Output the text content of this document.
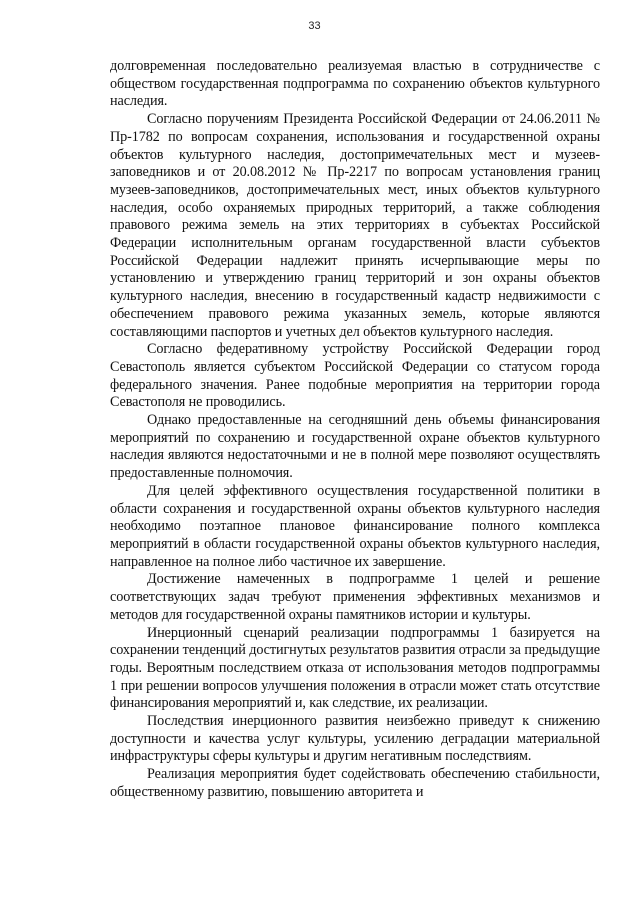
33

долговременная последовательно реализуемая властью в сотрудничестве с обществом государственная подпрограмма по сохранению объектов культурного наследия.

Согласно поручениям Президента Российской Федерации от 24.06.2011 № Пр-1782 по вопросам сохранения, использования и государственной охраны объектов культурного наследия, достопримечательных мест и музеев-заповедников и от 20.08.2012 № Пр-2217 по вопросам установления границ музеев-заповедников, достопримечательных мест, иных объектов культурного наследия, особо охраняемых природных территорий, а также соблюдения правового режима земель на этих территориях в субъектах Российской Федерации исполнительным органам государственной власти субъектов Российской Федерации надлежит принять исчерпывающие меры по установлению и утверждению границ территорий и зон охраны объектов культурного наследия, внесению в государственный кадастр недвижимости с обеспечением правового режима указанных земель, которые являются составляющими паспортов и учетных дел объектов культурного наследия.

Согласно федеративному устройству Российской Федерации город Севастополь является субъектом Российской Федерации со статусом города федерального значения. Ранее подобные мероприятия на территории города Севастополя не проводились.

Однако предоставленные на сегодняшний день объемы финансирования мероприятий по сохранению и государственной охране объектов культурного наследия являются недостаточными и не в полной мере позволяют осуществлять предоставленные полномочия.

Для целей эффективного осуществления государственной политики в области сохранения и государственной охраны объектов культурного наследия необходимо поэтапное плановое финансирование полного комплекса мероприятий в области государственной охраны объектов культурного наследия, направленное на полное либо частичное их завершение.

Достижение намеченных в подпрограмме 1 целей и решение соответствующих задач требуют применения эффективных механизмов и методов для государственной охраны памятников истории и культуры.

Инерционный сценарий реализации подпрограммы 1 базируется на сохранении тенденций достигнутых результатов развития отрасли за предыдущие годы. Вероятным последствием отказа от использования методов подпрограммы 1 при решении вопросов улучшения положения в отрасли может стать отсутствие финансирования мероприятий и, как следствие, их реализации.

Последствия инерционного развития неизбежно приведут к снижению доступности и качества услуг культуры, усилению деградации материальной инфраструктуры сферы культуры и другим негативным последствиям.

Реализация мероприятия будет содействовать обеспечению стабильности, общественному развитию, повышению авторитета и
